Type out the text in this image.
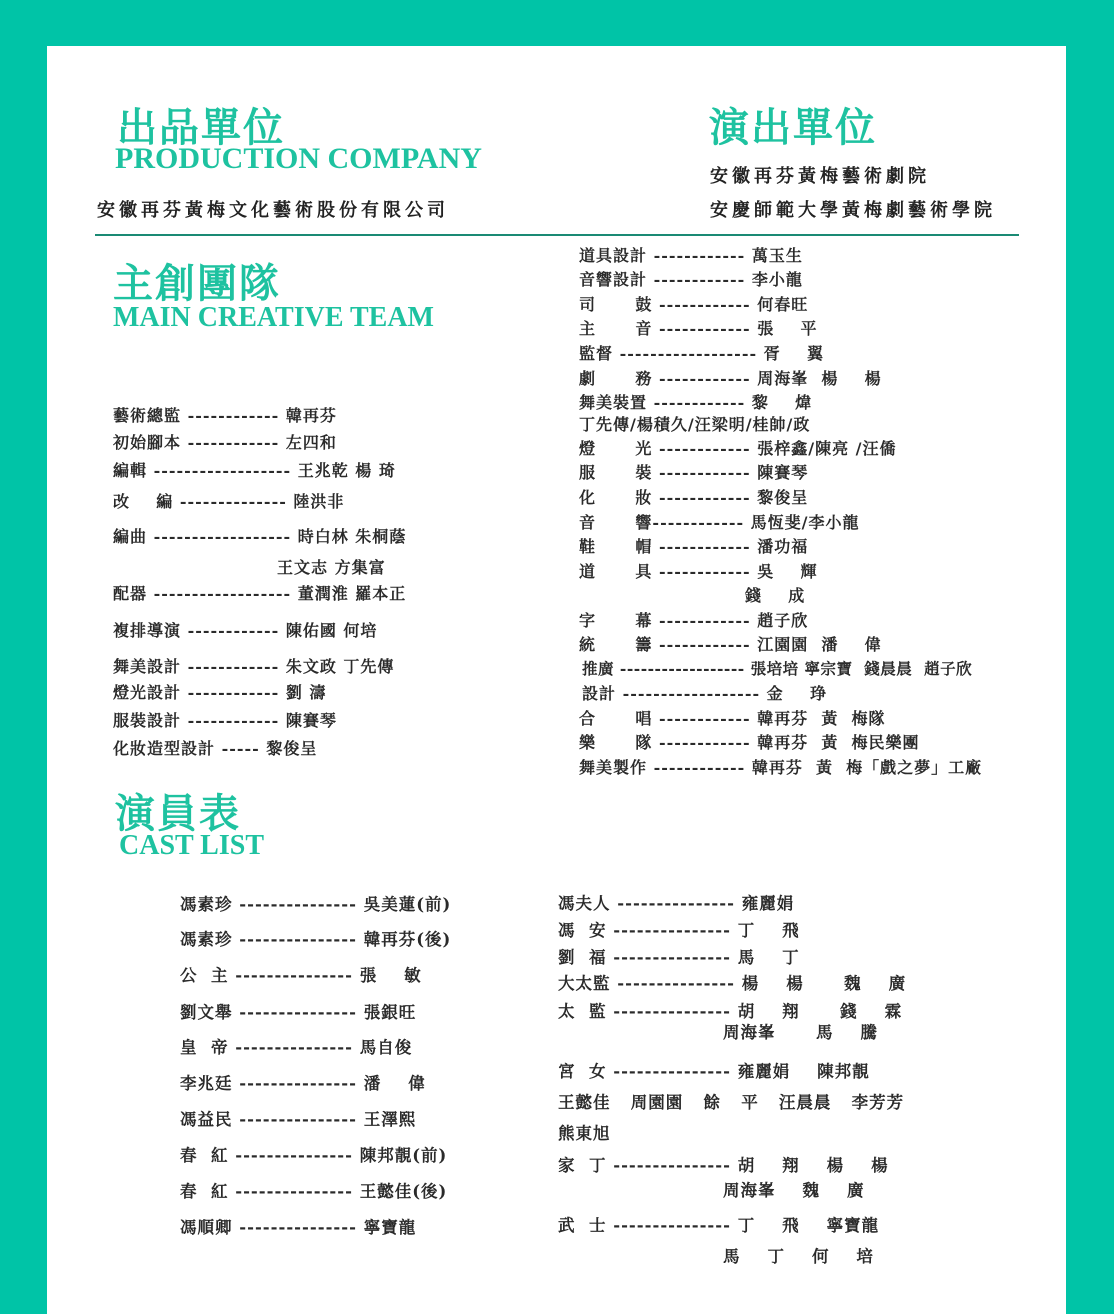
出品單位
PRODUCTION COMPANY
安徽再芬黃梅文化藝術股份有限公司
演出單位
安徽再芬黃梅藝術劇院
安慶師範大學黃梅劇藝術學院
主創團隊
MAIN CREATIVE TEAM
藝術總監 ------------ 韓再芬
初始腳本 ------------ 左四和
編輯 ------------------ 王兆乾 楊 琦
改    編 -------------- 陸洪非
編曲 ------------------ 時白林 朱桐蔭
王文志 方集富
配器 ------------------ 董潤淮 羅本正
複排導演 ------------ 陳佑國 何培
舞美設計 ------------ 朱文政 丁先傳
燈光設計 ------------ 劉 濤
服裝設計 ------------ 陳賽琴
化妝造型設計 ----- 黎俊呈
道具設計 ------------ 萬玉生
音響設計 ------------ 李小龍
司      鼓 ------------ 何春旺
主      音 ------------ 張    平
監督 ------------------ 胥    翼
劇      務 ------------ 周海峯  楊    楊
舞美裝置 ------------ 黎    煒
丁先傳/楊積久/汪梁明/桂帥/政
燈      光 ------------ 張梓鑫/陳亮 /汪僑
服      裝 ------------ 陳賽琴
化      妝 ------------ 黎俊呈
音      響------------ 馬恆斐/李小龍
鞋      帽 ------------ 潘功福
道      具 ------------ 吳    輝
錢    成
字      幕 ------------ 趙子欣
統      籌 ------------ 江園園  潘    偉
推廣 ------------------ 張培培 寧宗寶  錢晨晨  趙子欣
設計 ------------------ 金    琤
合      唱 ------------ 韓再芬  黃  梅隊
樂      隊 ------------ 韓再芬  黃  梅民樂團
舞美製作 ------------ 韓再芬  黃  梅「戲之夢」工廠
演員表
CAST LIST
馮素珍 --------------- 吳美蓮(前)
馮素珍 --------------- 韓再芬(後)
公  主 --------------- 張    敏
劉文舉 --------------- 張銀旺
皇  帝 --------------- 馬自俊
李兆廷 --------------- 潘    偉
馮益民 --------------- 王澤熙
春  紅 --------------- 陳邦靚(前)
春  紅 --------------- 王懿佳(後)
馮順卿 --------------- 寧寶龍
馮夫人 --------------- 雍麗娟
馮  安 --------------- 丁    飛
劉  福 --------------- 馬    丁
大太監 --------------- 楊    楊      魏    廣
太  監 --------------- 胡    翔      錢    霖
周海峯      馬    騰
宮  女 --------------- 雍麗娟    陳邦靚
王懿佳   周園園   餘   平   汪晨晨   李芳芳
熊東旭
家  丁 --------------- 胡    翔    楊    楊
周海峯    魏    廣
武  士 --------------- 丁    飛    寧寶龍
馬    丁    何    培
